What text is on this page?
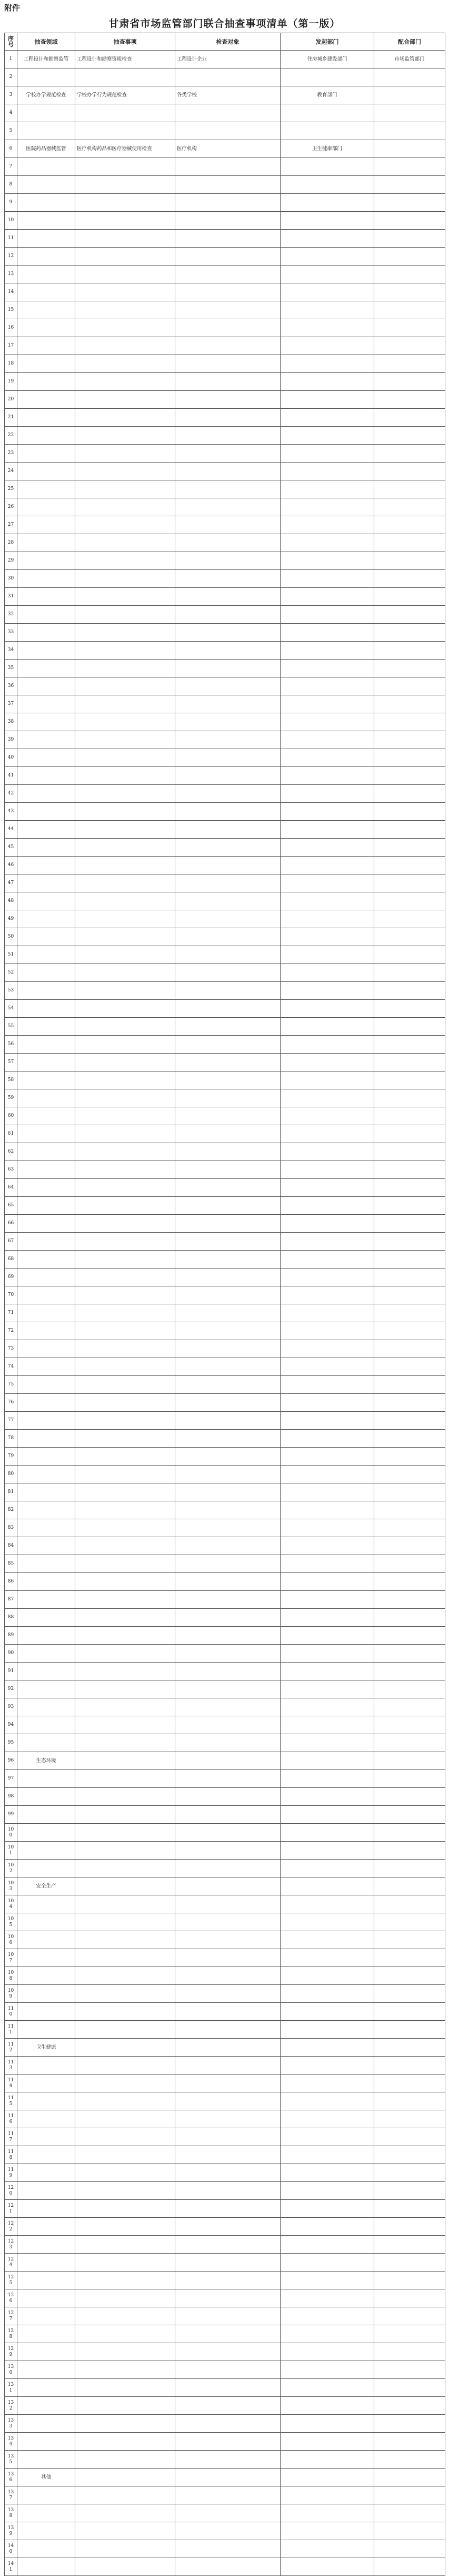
附件
甘肃省市场监管部门联合抽查事项清单（第一版）
序号	抽查领域	抽查事项	检查对象	发起部门	配合部门
1	工程设计和勘察监管	工程设计和勘察资质检查	工程设计企业	住房城乡建设部门	市场监管部门
2					
3	学校办学规范检查	学校办学行为规范检查	各类学校	教育部门	
4					
5					
6	医院药品器械监管	医疗机构药品和医疗器械使用检查	医疗机构	卫生健康部门	
7					
8					
9					
10					
11					
12					
13					
14					
15					
16					
17					
18					
19					
20					
21					
22					
23					
24					
25					
26					
27					
28					
29					
30					
31					
32					
33					
34					
35					
36					
37					
38					
39					
40					
41					
42					
43					
44					
45					
46					
47					
48					
49					
50					
51					
52					
53					
54					
55					
56					
57					
58					
59					
60					
61					
62					
63					
64					
65					
66					
67					
68					
69					
70					
71					
72					
73					
74					
75					
76					
77					
78					
79					
80					
81					
82					
83					
84					
85					
86					
87					
88					
89					
90					
91					
92					
93					
94					
95					
96	生态环境				
97					
98					
99					
100					
101					
102					
103	安全生产				
104					
105					
106					
107					
108					
109					
110					
111					
112	卫生健康				
113					
114					
115					
116					
117					
118					
119					
120					
121					
122					
123					
124					
125					
126					
127					
128					
129					
130					
131					
132					
133					
134					
135					
136	其他				
137					
138					
139					
140					
141					
